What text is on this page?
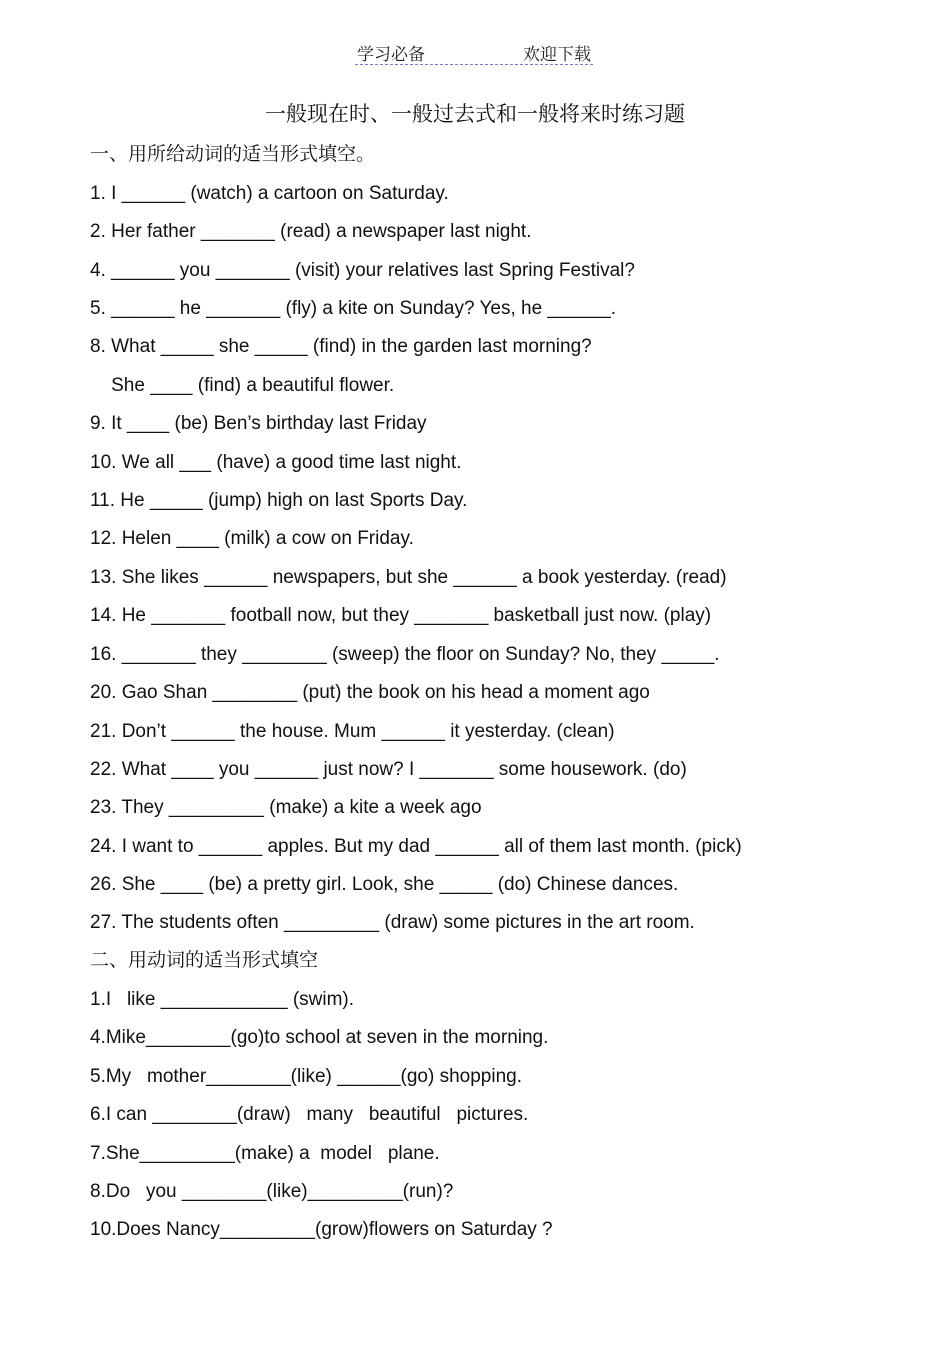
学习必备	欢迎下载
一般现在时、一般过去式和一般将来时练习题
一、用所给动词的适当形式填空。
1. I ______ (watch) a cartoon on Saturday.
2. Her father _______ (read) a newspaper last night.
4. ______ you _______ (visit) your relatives last Spring Festival?
5. ______ he _______ (fly) a kite on Sunday? Yes, he ______.
8. What _____ she _____ (find) in the garden last morning?
She ____ (find) a beautiful flower.
9. It ____ (be) Ben’s birthday last Friday
10. We all ___ (have) a good time last night.
11. He _____ (jump) high on last Sports Day.
12. Helen ____ (milk) a cow on Friday.
13. She likes ______ newspapers, but she ______ a book yesterday. (read)
14. He _______ football now, but they _______ basketball just now. (play)
16. _______ they ________ (sweep) the floor on Sunday? No, they _____.
20. Gao Shan ________ (put) the book on his head a moment ago
21. Don’t ______ the house. Mum ______ it yesterday. (clean)
22. What ____ you ______ just now? I _______ some housework. (do)
23. They _________ (make) a kite a week ago
24. I want to ______ apples. But my dad ______ all of them last month. (pick)
26. She ____ (be) a pretty girl. Look, she _____ (do) Chinese dances.
27. The students often _________ (draw) some pictures in the art room.
二、用动词的适当形式填空
1.I   like ____________ (swim).
4.Mike________(go)to school at seven in the morning.
5.My   mother________(like) ______(go) shopping.
6.I can ________(draw)   many   beautiful   pictures.
7.She_________(make) a  model   plane.
8.Do   you ________(like)_________(run)?
10.Does Nancy_________(grow)flowers on Saturday ?
